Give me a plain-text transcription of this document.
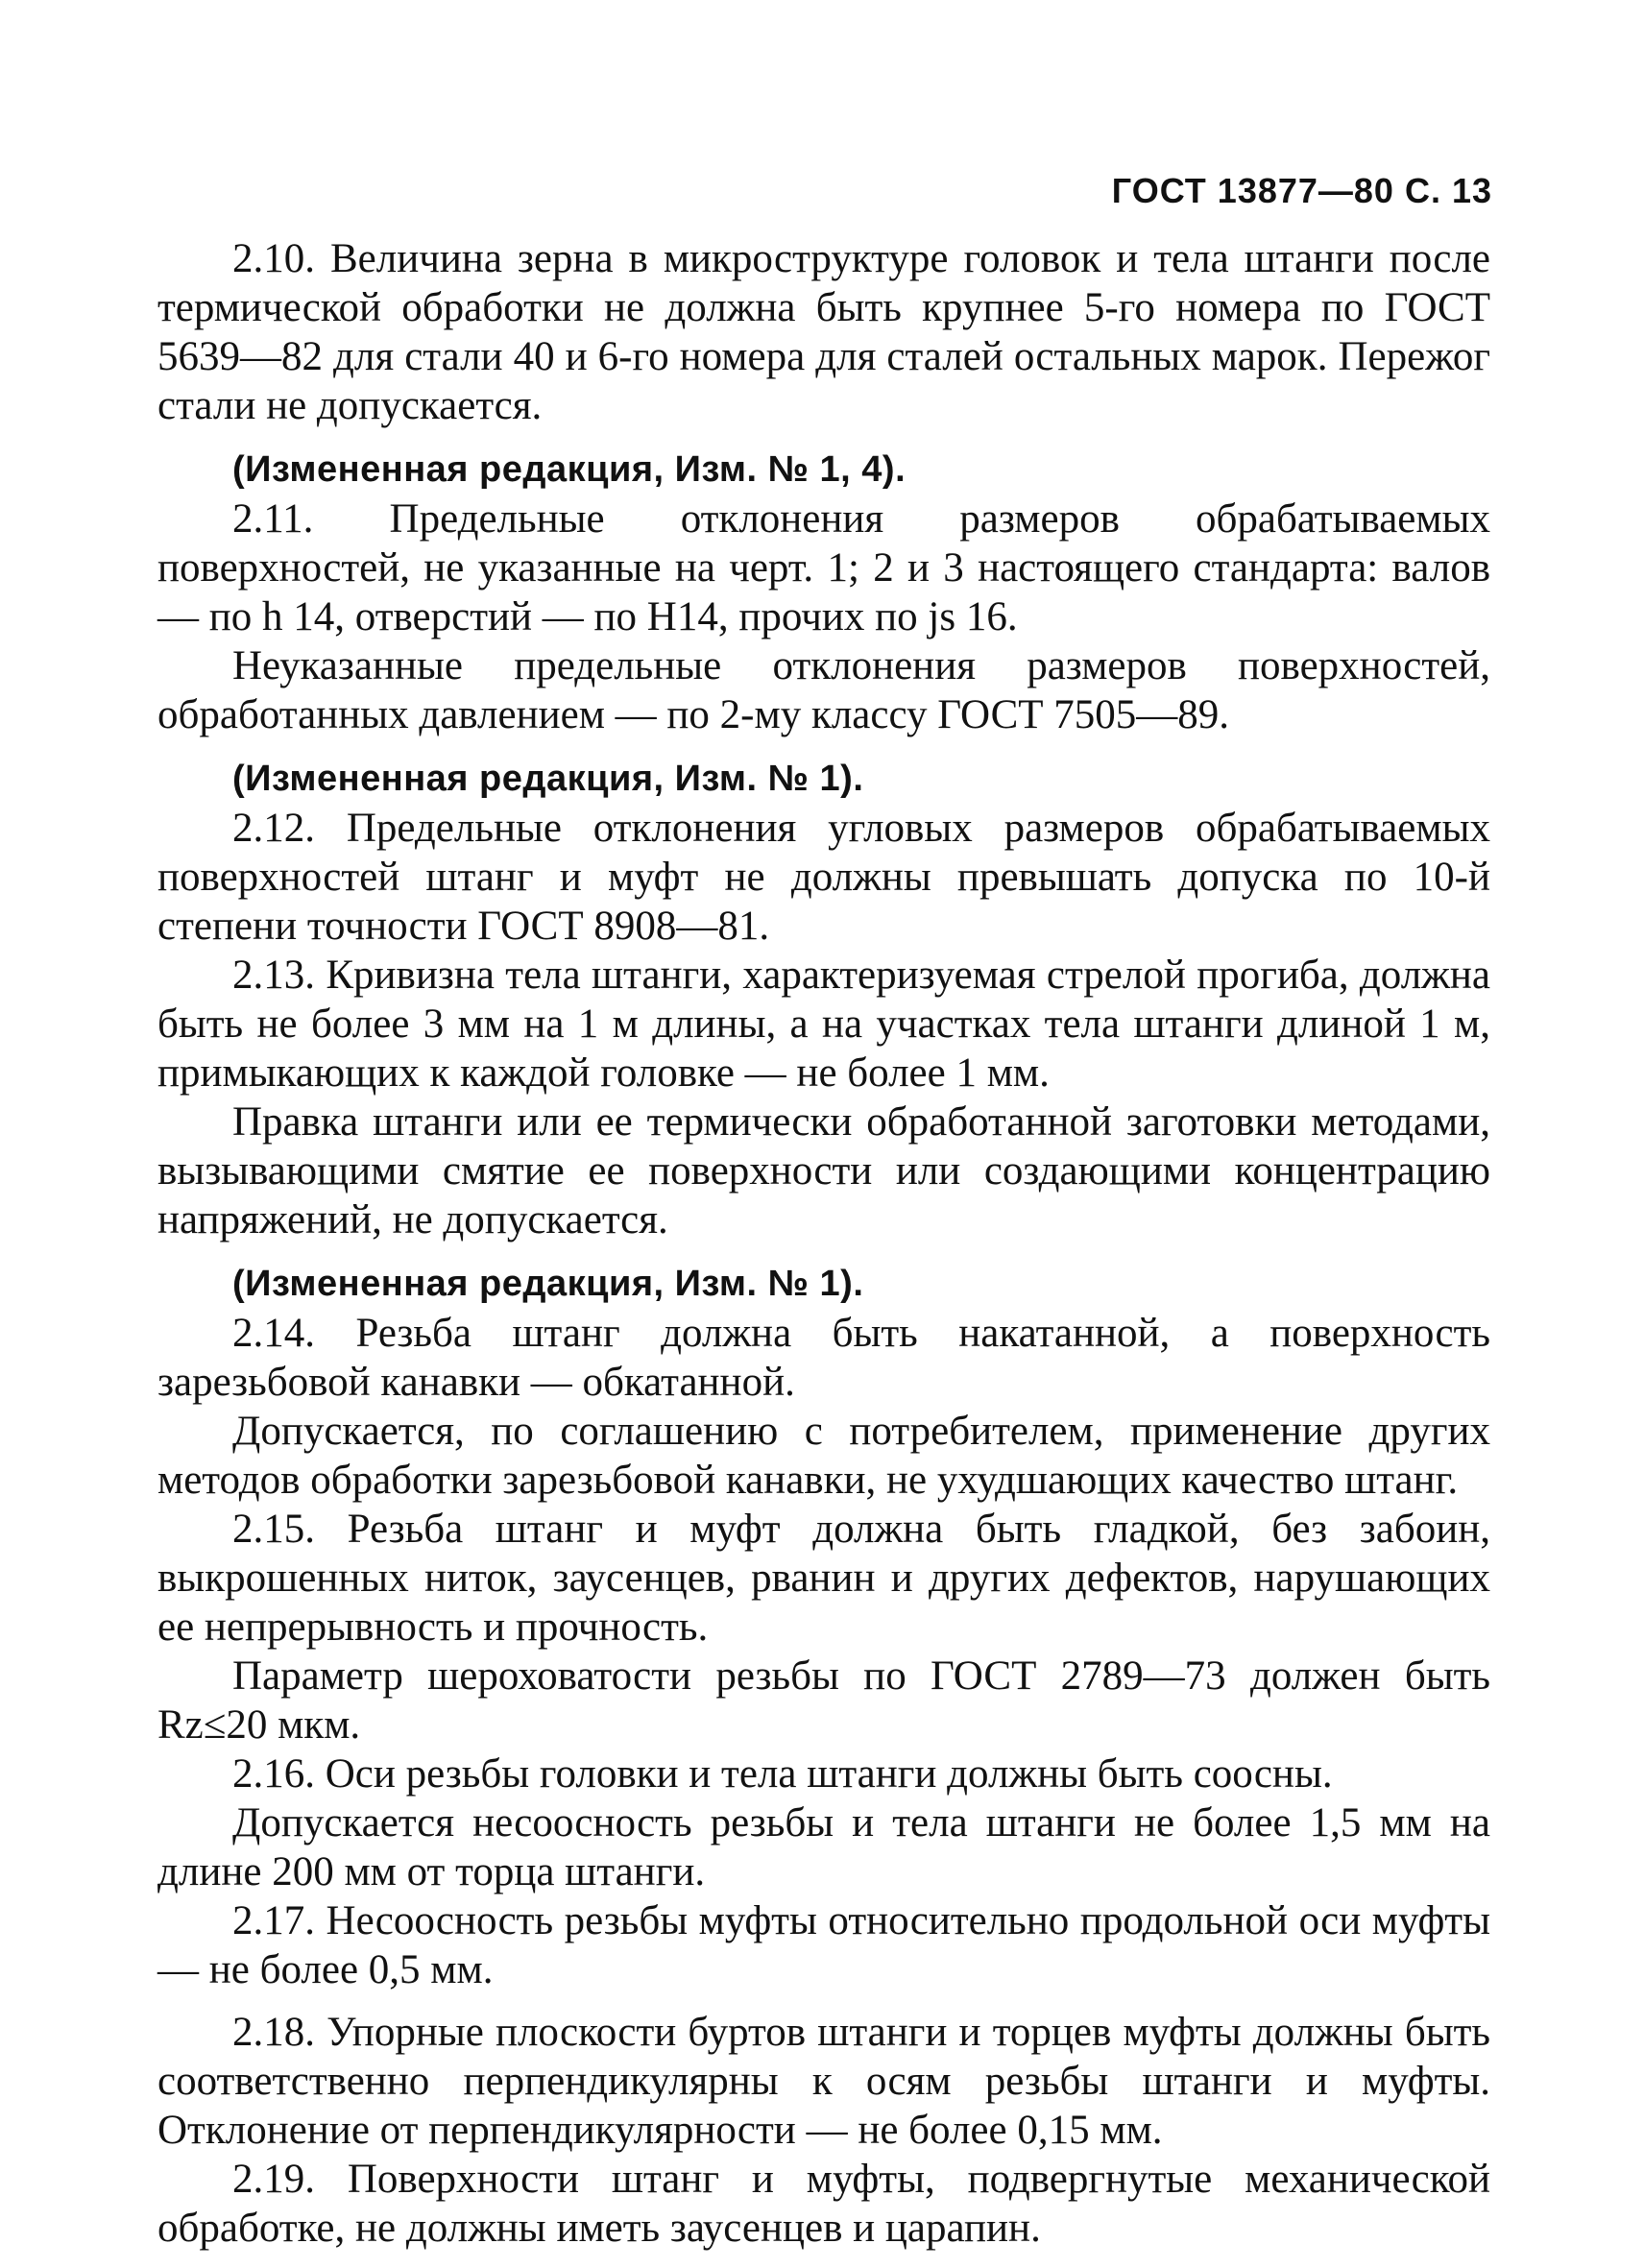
ГОСТ 13877—80 С. 13

2.10. Величина зерна в микроструктуре головок и тела штанги после термической обработки не должна быть крупнее 5-го номера по ГОСТ 5639—82 для стали 40 и 6-го номера для сталей остальных марок. Пережог стали не допускается.

(Измененная редакция, Изм. № 1, 4).

2.11. Предельные отклонения размеров обрабатываемых поверхностей, не указанные на черт. 1; 2 и 3 настоящего стандарта: валов — по h 14, отверстий — по H14, прочих по js 16.

Неуказанные предельные отклонения размеров поверхностей, обработанных давлением — по 2-му классу ГОСТ 7505—89.

(Измененная редакция, Изм. № 1).

2.12. Предельные отклонения угловых размеров обрабатываемых поверхностей штанг и муфт не должны превышать допуска по 10-й степени точности ГОСТ 8908—81.

2.13. Кривизна тела штанги, характеризуемая стрелой прогиба, должна быть не более 3 мм на 1 м длины, а на участках тела штанги длиной 1 м, примыкающих к каждой головке — не более 1 мм.

Правка штанги или ее термически обработанной заготовки методами, вызывающими смятие ее поверхности или создающими концентрацию напряжений, не допускается.

(Измененная редакция, Изм. № 1).

2.14. Резьба штанг должна быть накатанной, а поверхность зарезьбовой канавки — обкатанной.

Допускается, по соглашению с потребителем, применение других методов обработки зарезьбовой канавки, не ухудшающих качество штанг.

2.15. Резьба штанг и муфт должна быть гладкой, без забоин, выкрошенных ниток, заусенцев, рванин и других дефектов, нарушающих ее непрерывность и прочность.

Параметр шероховатости резьбы по ГОСТ 2789—73 должен быть Rz≤20 мкм.

2.16. Оси резьбы головки и тела штанги должны быть соосны.

Допускается несоосность резьбы и тела штанги не более 1,5 мм на длине 200 мм от торца штанги.

2.17. Несоосность резьбы муфты относительно продольной оси муфты — не более 0,5 мм.

2.18. Упорные плоскости буртов штанги и торцев муфты должны быть соответственно перпендикулярны к осям резьбы штанги и муфты. Отклонение от перпендикулярности — не более 0,15 мм.

2.19. Поверхности штанг и муфты, подвергнутые механической обработке, не должны иметь заусенцев и царапин.
